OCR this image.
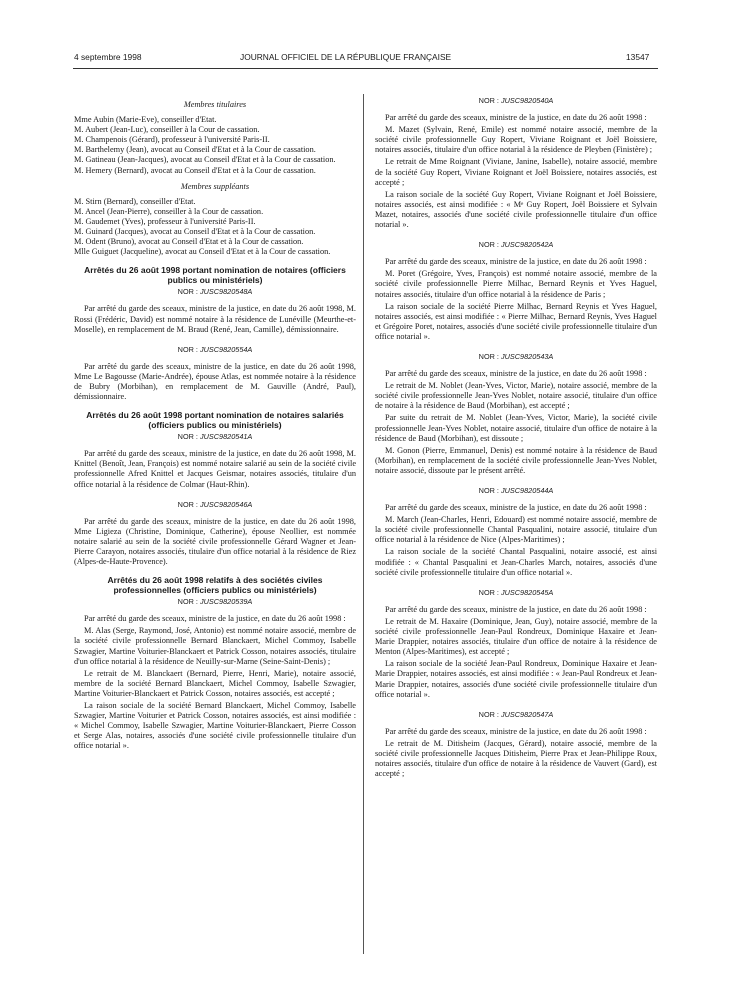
4 septembre 1998	JOURNAL OFFICIEL DE LA RÉPUBLIQUE FRANÇAISE	13547
Membres titulaires

Mme Aubin (Marie-Eve), conseiller d'Etat.

M. Aubert (Jean-Luc), conseiller à la Cour de cassation.

M. Champenois (Gérard), professeur à l'université Paris-II.

M. Barthelemy (Jean), avocat au Conseil d'Etat et à la Cour de cassation.

M. Gatineau (Jean-Jacques), avocat au Conseil d'Etat et à la Cour de cassation.

M. Hemery (Bernard), avocat au Conseil d'Etat et à la Cour de cassation.

Membres suppléants

M. Stirn (Bernard), conseiller d'Etat.

M. Ancel (Jean-Pierre), conseiller à la Cour de cassation.

M. Gaudemet (Yves), professeur à l'université Paris-II.

M. Guinard (Jacques), avocat au Conseil d'Etat et à la Cour de cassation.

M. Odent (Bruno), avocat au Conseil d'Etat et à la Cour de cassation.

Mlle Guiguet (Jacqueline), avocat au Conseil d'Etat et à la Cour de cassation.

Arrêtés du 26 août 1998 portant nomination de notaires (officiers publics ou ministériels)
NOR : JUSC9820548A

Par arrêté du garde des sceaux, ministre de la justice, en date du 26 août 1998, M. Rossi (Frédéric, David) est nommé notaire à la résidence de Lunéville (Meurthe-et-Moselle), en remplacement de M. Braud (René, Jean, Camille), démissionnaire.

NOR : JUSC9820554A

Par arrêté du garde des sceaux, ministre de la justice, en date du 26 août 1998, Mme Le Bagousse (Marie-Andrée), épouse Atlas, est nommée notaire à la résidence de Bubry (Morbihan), en remplacement de M. Gauville (André, Paul), démissionnaire.

Arrêtés du 26 août 1998 portant nomination de notaires salariés (officiers publics ou ministériels)
NOR : JUSC9820541A

Par arrêté du garde des sceaux, ministre de la justice, en date du 26 août 1998, M. Knittel (Benoît, Jean, François) est nommé notaire salarié au sein de la société civile professionnelle Afred Knittel et Jacques Geismar, notaires associés, titulaire d'un office notarial à la résidence de Colmar (Haut-Rhin).

NOR : JUSC9820546A

Par arrêté du garde des sceaux, ministre de la justice, en date du 26 août 1998, Mme Ligieza (Christine, Dominique, Catherine), épouse Neollier, est nommée notaire salarié au sein de la société civile professionnelle Gérard Wagner et Jean-Pierre Carayon, notaires associés, titulaire d'un office notarial à la résidence de Riez (Alpes-de-Haute-Provence).

Arrêtés du 26 août 1998 relatifs à des sociétés civiles professionnelles (officiers publics ou ministériels)
NOR : JUSC9820539A

Par arrêté du garde des sceaux, ministre de la justice, en date du 26 août 1998 :

M. Alas (Serge, Raymond, José, Antonio) est nommé notaire associé, membre de la société civile professionnelle Bernard Blanckaert, Michel Commoy, Isabelle Szwagier, Martine Voiturier-Blanckaert et Patrick Cosson, notaires associés, titulaire d'un office notarial à la résidence de Neuilly-sur-Marne (Seine-Saint-Denis) ;

Le retrait de M. Blanckaert (Bernard, Pierre, Henri, Marie), notaire associé, membre de la société Bernard Blanckaert, Michel Commoy, Isabelle Szwagier, Martine Voiturier-Blanckaert et Patrick Cosson, notaires associés, est accepté ;

La raison sociale de la société Bernard Blanckaert, Michel Commoy, Isabelle Szwagier, Martine Voiturier et Patrick Cosson, notaires associés, est ainsi modifiée : « Michel Commoy, Isabelle Szwagier, Martine Voiturier-Blanckaert, Pierre Cosson et Serge Alas, notaires, associés d'une société civile professionnelle titulaire d'un office notarial ».

NOR : JUSC9820540A

Par arrêté du garde des sceaux, ministre de la justice, en date du 26 août 1998 :

M. Mazet (Sylvain, René, Emile) est nommé notaire associé, membre de la société civile professionnelle Guy Ropert, Viviane Roignant et Joël Boissiere, notaires associés, titulaire d'un office notarial à la résidence de Pleyben (Finistère) ;

Le retrait de Mme Roignant (Viviane, Janine, Isabelle), notaire associé, membre de la société Guy Ropert, Viviane Roignant et Joël Boissiere, notaires associés, est accepté ;

La raison sociale de la société Guy Ropert, Viviane Roignant et Joël Boissiere, notaires associés, est ainsi modifiée : « Mᵉ Guy Ropert, Joël Boissiere et Sylvain Mazet, notaires, associés d'une société civile professionnelle titulaire d'un office notarial ».

NOR : JUSC9820542A

Par arrêté du garde des sceaux, ministre de la justice, en date du 26 août 1998 :

M. Poret (Grégoire, Yves, François) est nommé notaire associé, membre de la société civile professionnelle Pierre Milhac, Bernard Reynis et Yves Haguel, notaires associés, titulaire d'un office notarial à la résidence de Paris ;

La raison sociale de la société Pierre Milhac, Bernard Reynis et Yves Haguel, notaires associés, est ainsi modifiée : « Pierre Milhac, Bernard Reynis, Yves Haguel et Grégoire Poret, notaires, associés d'une société civile professionnelle titulaire d'un office notarial ».

NOR : JUSC9820543A

Par arrêté du garde des sceaux, ministre de la justice, en date du 26 août 1998 :

Le retrait de M. Noblet (Jean-Yves, Victor, Marie), notaire associé, membre de la société civile professionnelle Jean-Yves Noblet, notaire associé, titulaire d'un office de notaire à la résidence de Baud (Morbihan), est accepté ;

Par suite du retrait de M. Noblet (Jean-Yves, Victor, Marie), la société civile professionnelle Jean-Yves Noblet, notaire associé, titulaire d'un office de notaire à la résidence de Baud (Morbihan), est dissoute ;

M. Gonon (Pierre, Emmanuel, Denis) est nommé notaire à la résidence de Baud (Morbihan), en remplacement de la société civile professionnelle Jean-Yves Noblet, notaire associé, dissoute par le présent arrêté.

NOR : JUSC9820544A

Par arrêté du garde des sceaux, ministre de la justice, en date du 26 août 1998 :

M. March (Jean-Charles, Henri, Edouard) est nommé notaire associé, membre de la société civile professionnelle Chantal Pasqualini, notaire associé, titulaire d'un office notarial à la résidence de Nice (Alpes-Maritimes) ;

La raison sociale de la société Chantal Pasqualini, notaire associé, est ainsi modifiée : « Chantal Pasqualini et Jean-Charles March, notaires, associés d'une société civile professionnelle titulaire d'un office notarial ».

NOR : JUSC9820545A

Par arrêté du garde des sceaux, ministre de la justice, en date du 26 août 1998 :

Le retrait de M. Haxaire (Dominique, Jean, Guy), notaire associé, membre de la société civile professionnelle Jean-Paul Rondreux, Dominique Haxaire et Jean-Marie Drappier, notaires associés, titulaire d'un office de notaire à la résidence de Menton (Alpes-Maritimes), est accepté ;

La raison sociale de la société Jean-Paul Rondreux, Dominique Haxaire et Jean-Marie Drappier, notaires associés, est ainsi modifiée : « Jean-Paul Rondreux et Jean-Marie Drappier, notaires, associés d'une société civile professionnelle titulaire d'un office notarial ».

NOR : JUSC9820547A

Par arrêté du garde des sceaux, ministre de la justice, en date du 26 août 1998 :

Le retrait de M. Ditisheim (Jacques, Gérard), notaire associé, membre de la société civile professionnelle Jacques Ditisheim, Pierre Prax et Jean-Philippe Roux, notaires associés, titulaire d'un office de notaire à la résidence de Vauvert (Gard), est accepté ;
